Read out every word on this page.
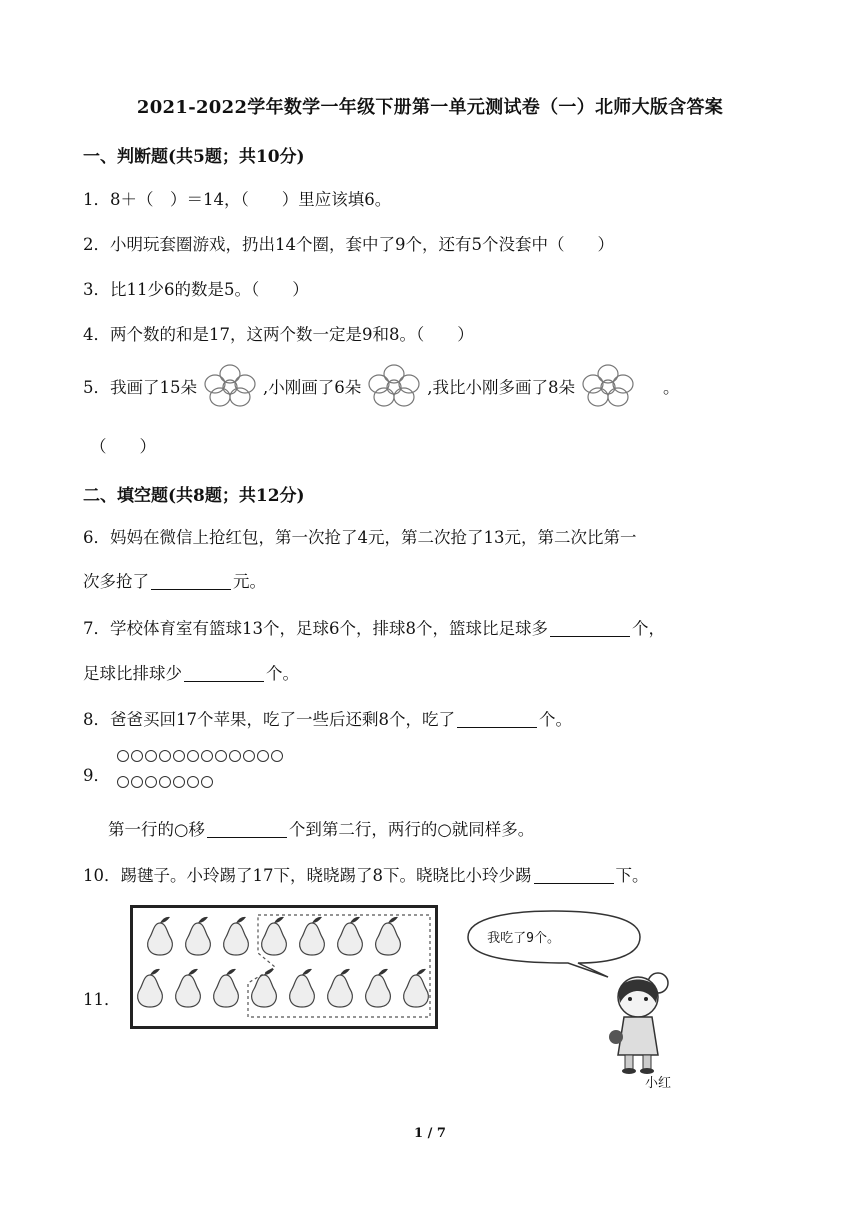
2021-2022学年数学一年级下册第一单元测试卷（一）北师大版含答案
一、判断题(共5题；共10分)
1．8＋（　）＝14，（　　）里应该填6。
2．小明玩套圈游戏，扔出14个圈，套中了9个，还有5个没套中（　　）
3．比11少6的数是5。（　　）
4．两个数的和是17，这两个数一定是9和8。（　　）
5．我画了15朵	,小刚画了6朵	,我比小刚多画了8朵	。
（　　）
二、填空题(共8题；共12分)
6．妈妈在微信上抢红包，第一次抢了4元，第二次抢了13元，第二次比第一
次多抢了	元。
7．学校体育室有篮球13个，足球6个，排球8个，篮球比足球多	个，
足球比排球少	个。
8．爸爸买回17个苹果，吃了一些后还剩8个，吃了	个。
9．
第一行的○移	个到第二行，两行的○就同样多。
10．踢毽子。小玲踢了17下，晓晓踢了8下。晓晓比小玲少踢	下。
11．
我吃了9个。
小红
1 / 7
